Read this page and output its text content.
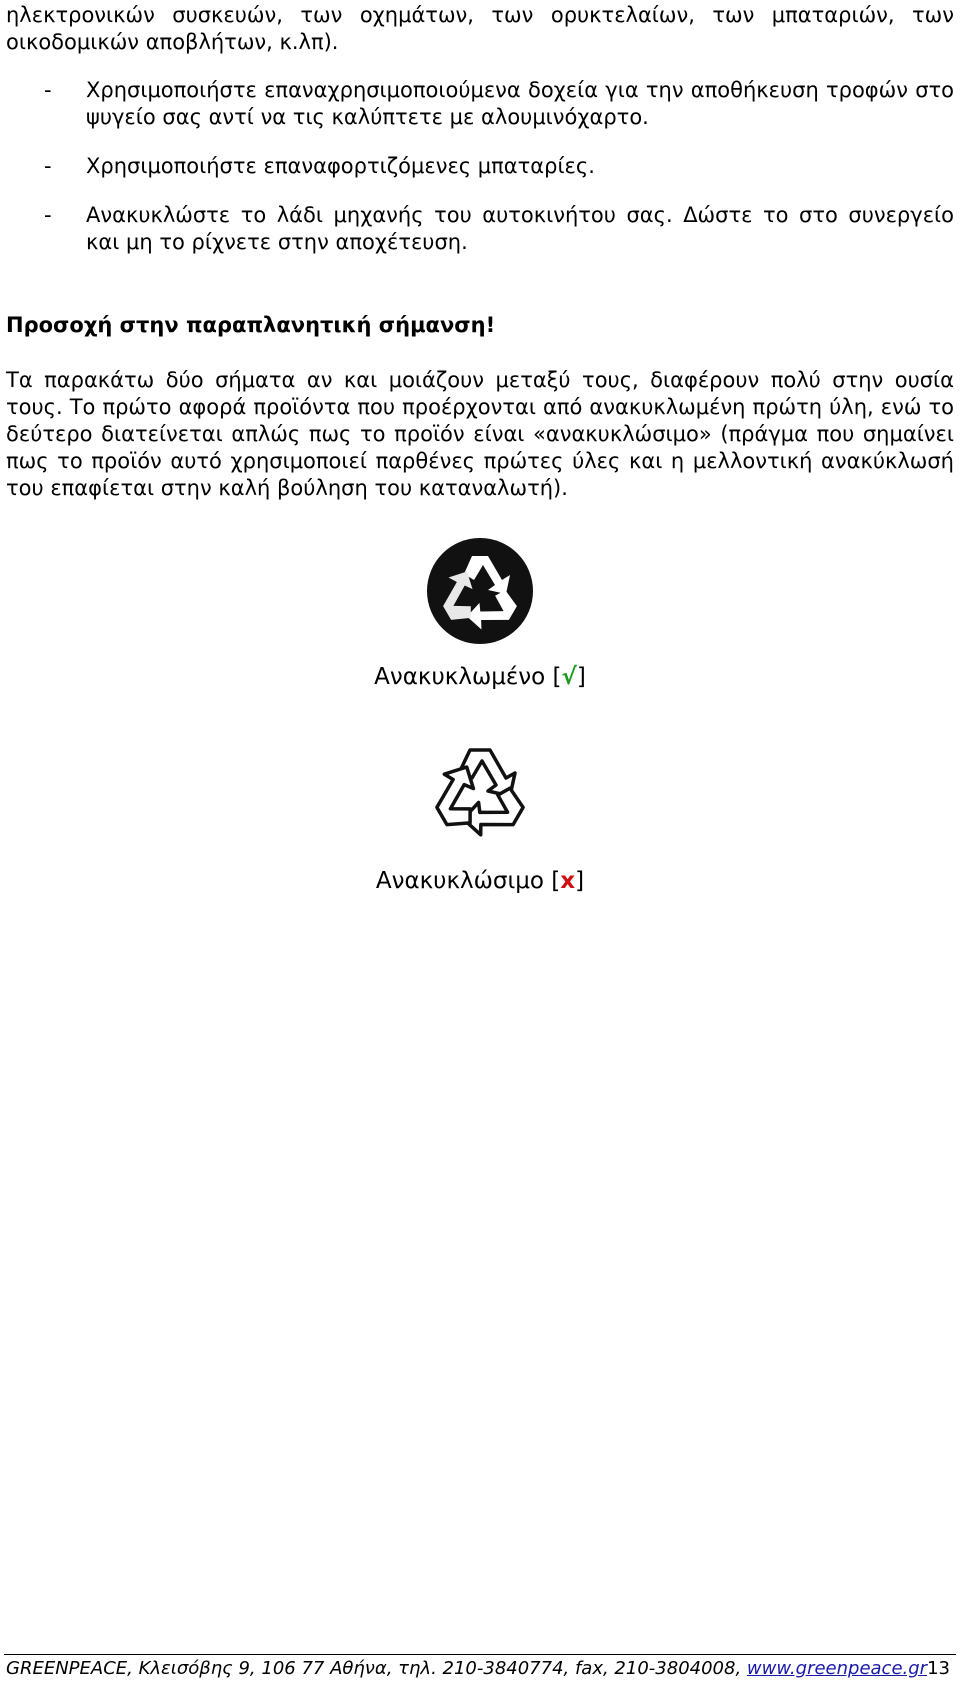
ηλεκτρονικών συσκευών, των οχημάτων, των ορυκτελαίων, των μπαταριών, των οικοδομικών αποβλήτων, κ.λπ).

- Χρησιμοποιήστε επαναχρησιμοποιούμενα δοχεία για την αποθήκευση τροφών στο ψυγείο σας αντί να τις καλύπτετε με αλουμινόχαρτο.

- Χρησιμοποιήστε επαναφορτιζόμενες μπαταρίες.

- Ανακυκλώστε το λάδι μηχανής του αυτοκινήτου σας. Δώστε το στο συνεργείο και μη το ρίχνετε στην αποχέτευση.

Προσοχή στην παραπλανητική σήμανση!

Τα παρακάτω δύο σήματα αν και μοιάζουν μεταξύ τους, διαφέρουν πολύ στην ουσία τους. Το πρώτο αφορά προϊόντα που προέρχονται από ανακυκλωμένη πρώτη ύλη, ενώ το δεύτερο διατείνεται απλώς πως το προϊόν είναι «ανακυκλώσιμο» (πράγμα που σημαίνει πως το προϊόν αυτό χρησιμοποιεί παρθένες πρώτες ύλες και η μελλοντική ανακύκλωσή του επαφίεται στην καλή βούληση του καταναλωτή).

Ανακυκλωμένο [√]

Ανακυκλώσιμο [x]

GREENPEACE, Κλεισόβης 9, 106 77 Αθήνα, τηλ. 210-3840774, fax, 210-3804008, www.greenpeace.gr 13
